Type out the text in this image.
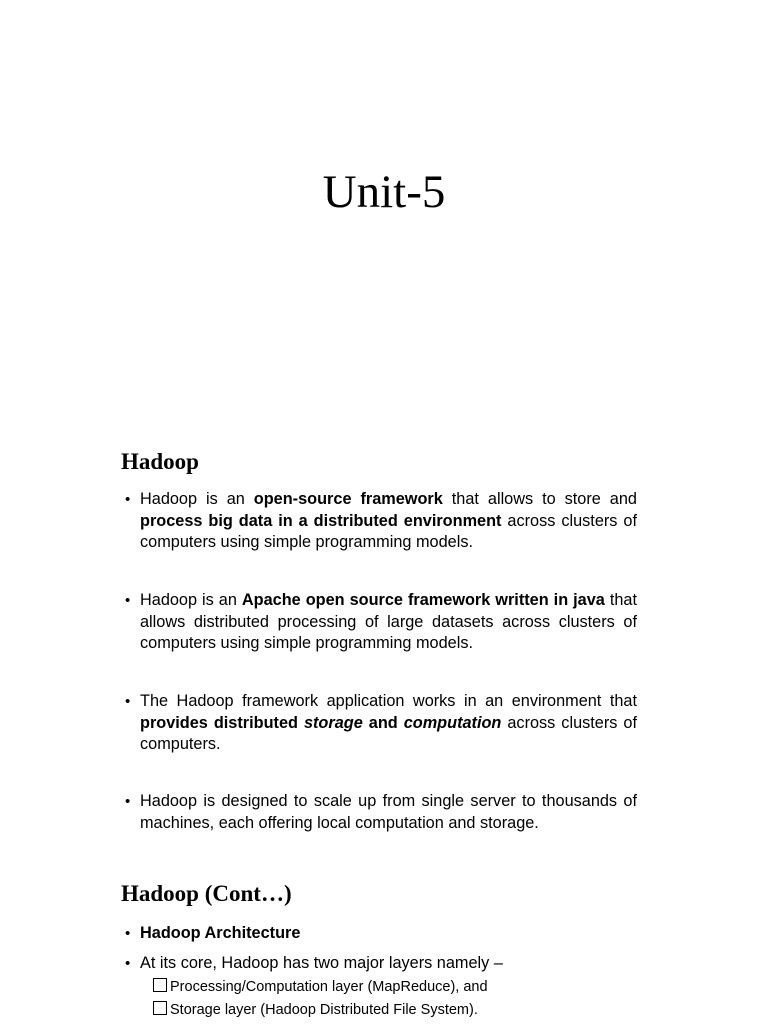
Unit-5
Hadoop
• Hadoop is an open-source framework that allows to store and process big data in a distributed environment across clusters of computers using simple programming models.
• Hadoop is an Apache open source framework written in java that allows distributed processing of large datasets across clusters of computers using simple programming models.
• The Hadoop framework application works in an environment that provides distributed storage and computation across clusters of computers.
• Hadoop is designed to scale up from single server to thousands of machines, each offering local computation and storage.
Hadoop (Cont…)
• Hadoop Architecture
• At its core, Hadoop has two major layers namely –
Processing/Computation layer (MapReduce), and
Storage layer (Hadoop Distributed File System).
